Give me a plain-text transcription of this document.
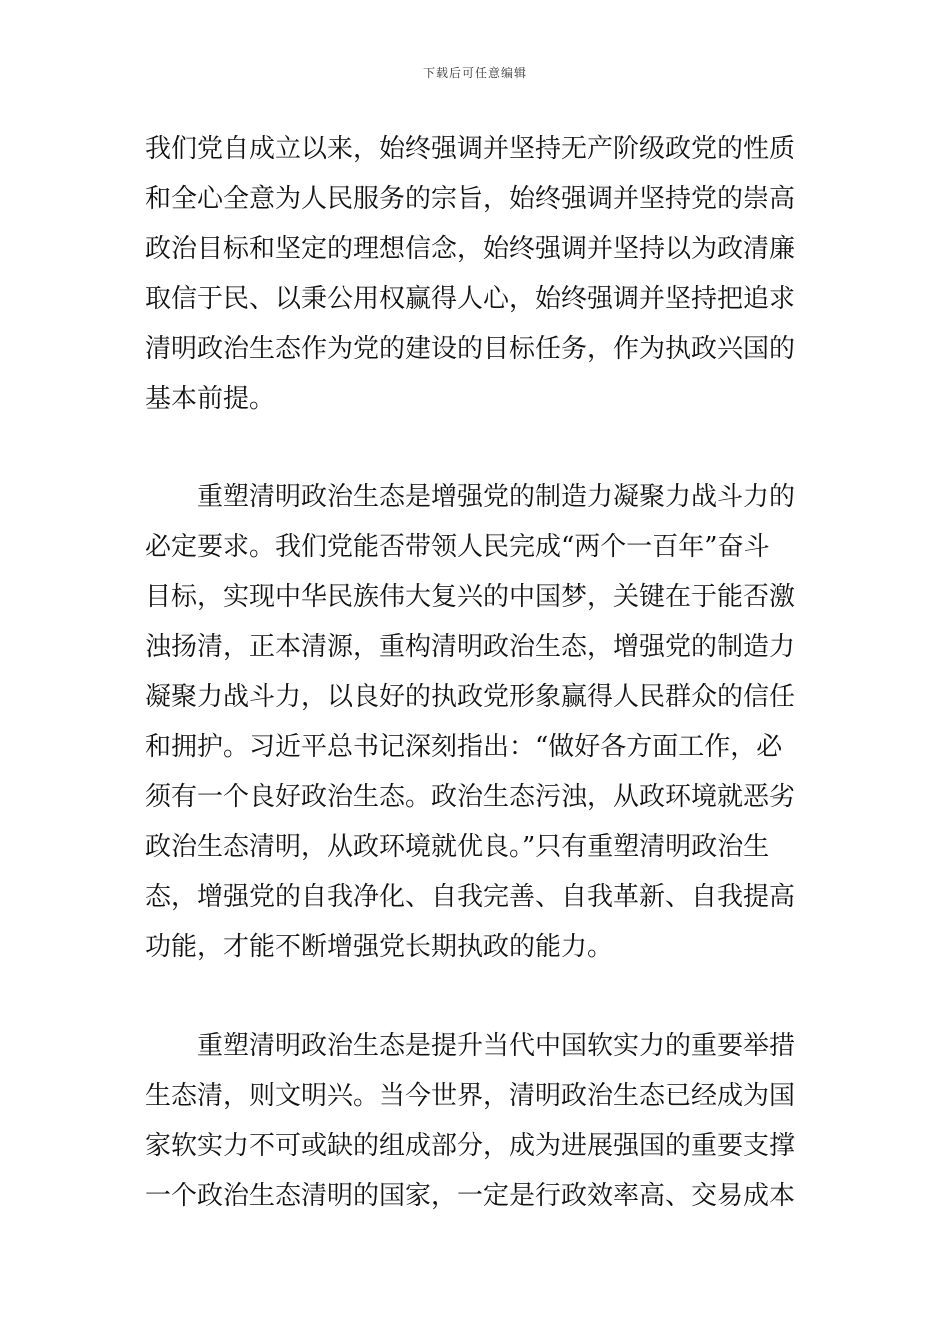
下载后可任意编辑
我们党自成立以来，始终强调并坚持无产阶级政党的性质
和全心全意为人民服务的宗旨，始终强调并坚持党的崇高
政治目标和坚定的理想信念，始终强调并坚持以为政清廉
取信于民、以秉公用权赢得人心，始终强调并坚持把追求
清明政治生态作为党的建设的目标任务，作为执政兴国的
基本前提。
重塑清明政治生态是增强党的制造力凝聚力战斗力的
必定要求。我们党能否带领人民完成“两个一百年”奋斗
目标，实现中华民族伟大复兴的中国梦，关键在于能否激
浊扬清，正本清源，重构清明政治生态，增强党的制造力
凝聚力战斗力，以良好的执政党形象赢得人民群众的信任
和拥护。习近平总书记深刻指出：“做好各方面工作，必
须有一个良好政治生态。政治生态污浊，从政环境就恶劣
政治生态清明，从政环境就优良。”只有重塑清明政治生
态，增强党的自我净化、自我完善、自我革新、自我提高
功能，才能不断增强党长期执政的能力。
重塑清明政治生态是提升当代中国软实力的重要举措
生态清，则文明兴。当今世界，清明政治生态已经成为国
家软实力不可或缺的组成部分，成为进展强国的重要支撑
一个政治生态清明的国家，一定是行政效率高、交易成本
